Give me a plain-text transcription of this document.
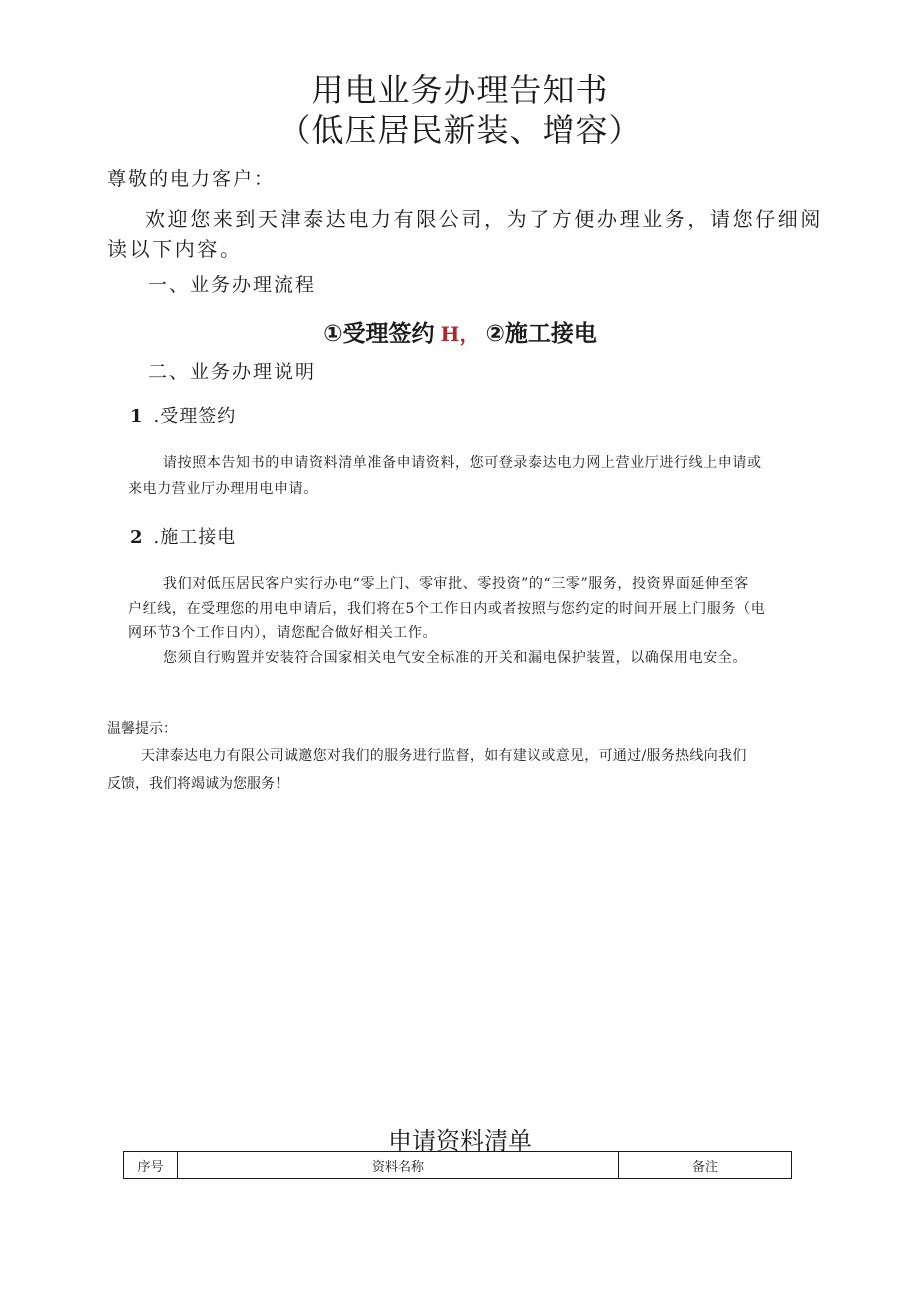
用电业务办理告知书
（低压居民新装、增容）
尊敬的电力客户：
欢迎您来到天津泰达电力有限公司，为了方便办理业务，请您仔细阅
读以下内容。
一、业务办理流程
①受理签约 H， ②施工接电
二、业务办理说明
1 .受理签约
请按照本告知书的申请资料清单准备申请资料，您可登录泰达电力网上营业厅进行线上申请或
来电力营业厅办理用电申请。
2 .施工接电
我们对低压居民客户实行办电“零上门、零审批、零投资”的“三零”服务，投资界面延伸至客
户红线，在受理您的用电申请后，我们将在5个工作日内或者按照与您约定的时间开展上门服务（电
网环节3个工作日内），请您配合做好相关工作。
您须自行购置并安装符合国家相关电气安全标准的开关和漏电保护装置，以确保用电安全。
温馨提示：
天津泰达电力有限公司诚邀您对我们的服务进行监督，如有建议或意见，可通过/服务热线向我们
反馈，我们将竭诚为您服务！
申请资料清单
序号	资料名称	备注
